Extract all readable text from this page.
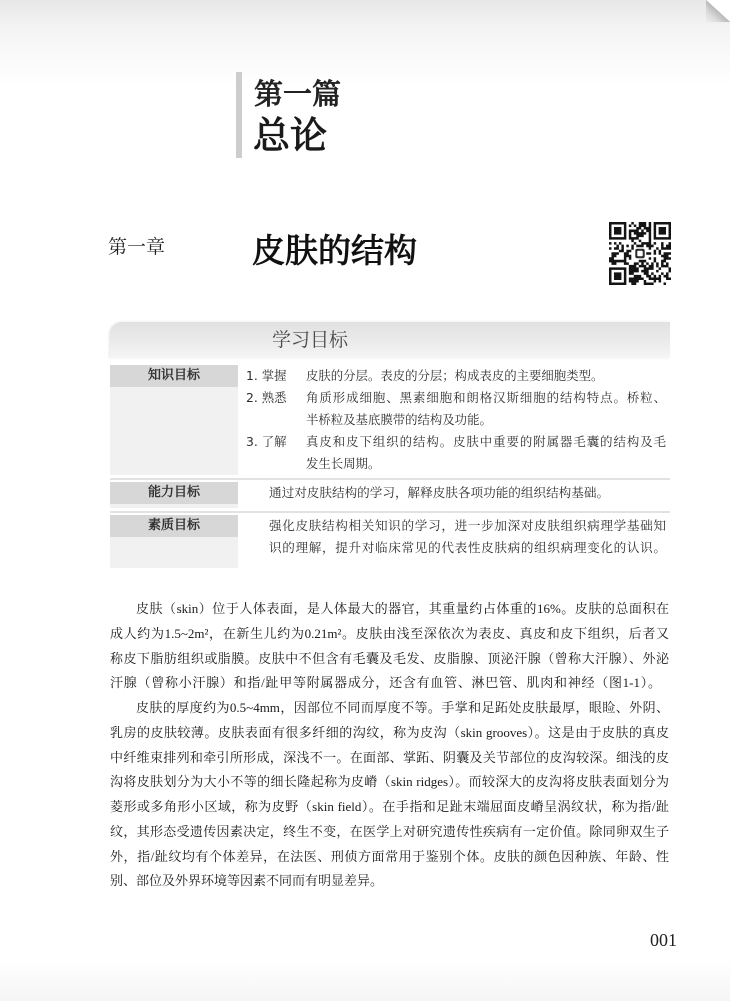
第一篇
总论
第一章	皮肤的结构
学习目标
知识目标	1. 掌握 皮肤的分层。表皮的分层；构成表皮的主要细胞类型。
2. 熟悉 角质形成细胞、黑素细胞和朗格汉斯细胞的结构特点。桥粒、
半桥粒及基底膜带的结构及功能。
3. 了解 真皮和皮下组织的结构。皮肤中重要的附属器毛囊的结构及毛
发生长周期。
能力目标	通过对皮肤结构的学习，解释皮肤各项功能的组织结构基础。
素质目标	强化皮肤结构相关知识的学习，进一步加深对皮肤组织病理学基础知
识的理解，提升对临床常见的代表性皮肤病的组织病理变化的认识。
皮肤（skin）位于人体表面，是人体最大的器官，其重量约占体重的16%。皮肤的总面积在
成人约为1.5~2m²，在新生儿约为0.21m²。皮肤由浅至深依次为表皮、真皮和皮下组织，后者又
称皮下脂肪组织或脂膜。皮肤中不但含有毛囊及毛发、皮脂腺、顶泌汗腺（曾称大汗腺）、外泌
汗腺（曾称小汗腺）和指/趾甲等附属器成分，还含有血管、淋巴管、肌肉和神经（图1-1）。
皮肤的厚度约为0.5~4mm，因部位不同而厚度不等。手掌和足跖处皮肤最厚，眼睑、外阴、
乳房的皮肤较薄。皮肤表面有很多纤细的沟纹，称为皮沟（skin grooves）。这是由于皮肤的真皮
中纤维束排列和牵引所形成，深浅不一。在面部、掌跖、阴囊及关节部位的皮沟较深。细浅的皮
沟将皮肤划分为大小不等的细长隆起称为皮嵴（skin ridges）。而较深大的皮沟将皮肤表面划分为
菱形或多角形小区域，称为皮野（skin field）。在手指和足趾末端屈面皮嵴呈涡纹状，称为指/趾
纹，其形态受遗传因素决定，终生不变，在医学上对研究遗传性疾病有一定价值。除同卵双生子
外，指/趾纹均有个体差异，在法医、刑侦方面常用于鉴别个体。皮肤的颜色因种族、年龄、性
别、部位及外界环境等因素不同而有明显差异。
001
